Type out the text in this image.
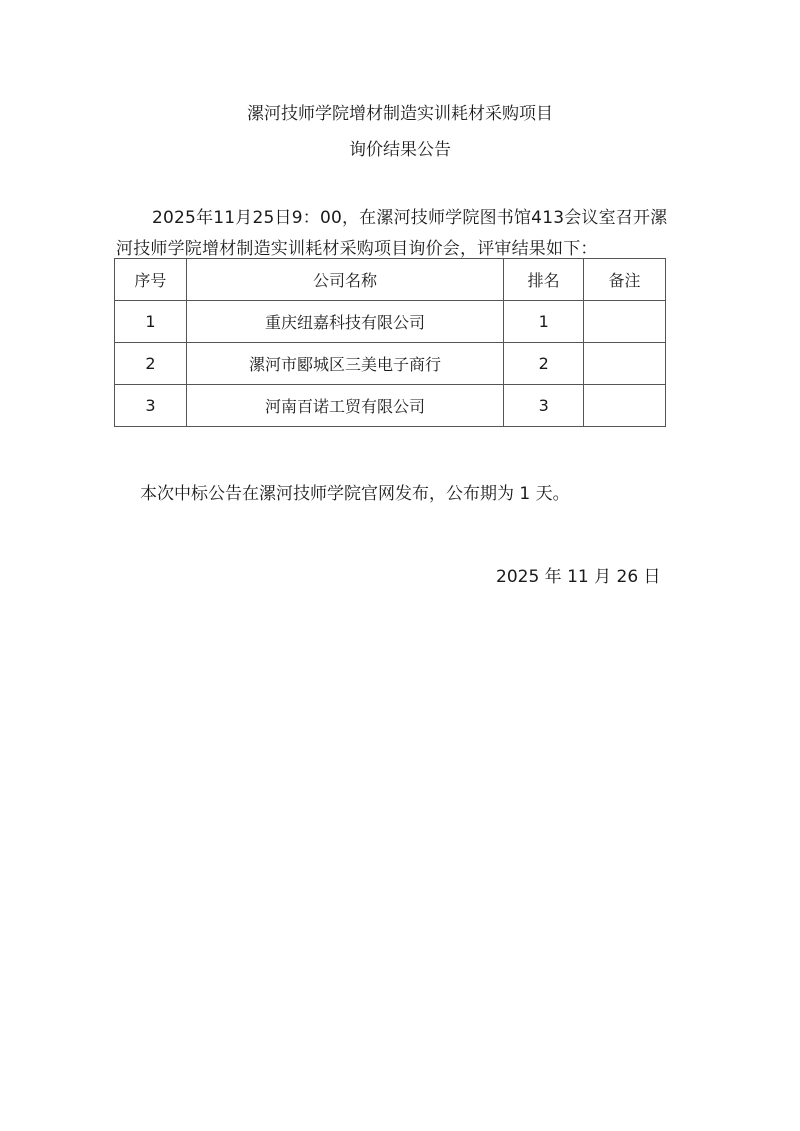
漯河技师学院增材制造实训耗材采购项目
询价结果公告
2025年11月25日9：00，在漯河技师学院图书馆413会议室召开漯河技师学院增材制造实训耗材采购项目询价会，评审结果如下：
序号	公司名称	排名	备注
1	重庆纽嘉科技有限公司	1	
2	漯河市郾城区三美电子商行	2	
3	河南百诺工贸有限公司	3	
本次中标公告在漯河技师学院官网发布，公布期为 1 天。
2025 年 11 月 26 日
